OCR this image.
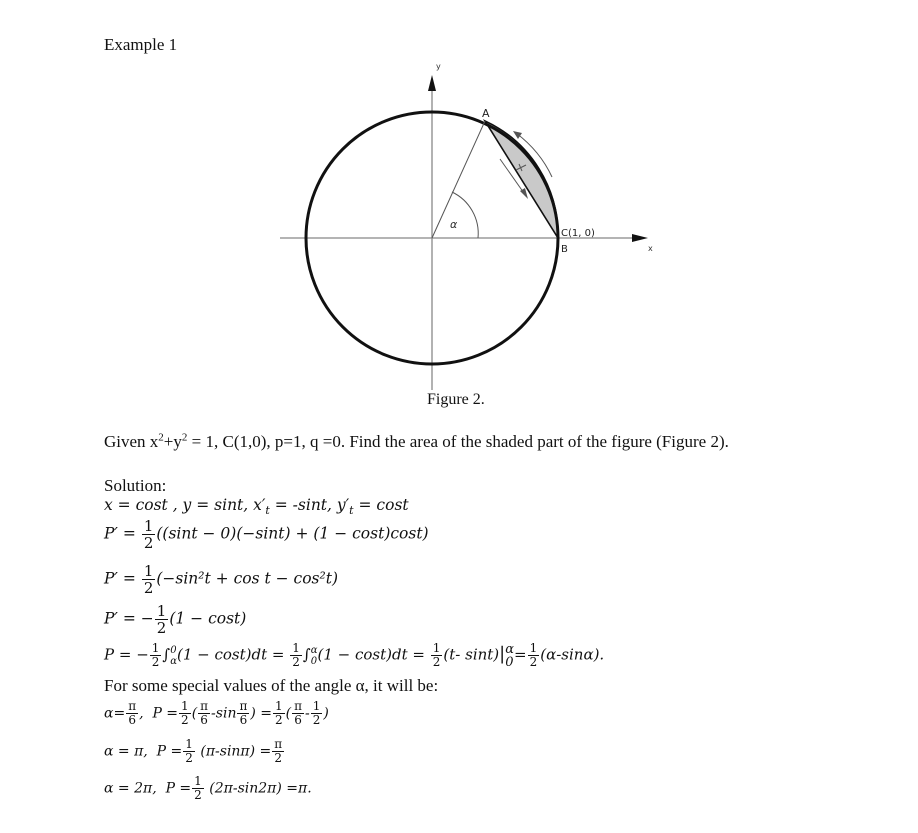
Example 1
y
x
A
C(1, 0)
B
α
Figure 2.
Given $x^2+y^2 = 1$, C(1,0), p=1, q =0. Find the area of the shaded part of the figure (Figure 2).
Solution:
x = cost , y = sint, $x'_t = -\sin t$, $y'_t = \cos t$
$P' = \frac{1}{2} ((\sin t - 0)(-\sin t) + (1 - \cos t)\cos t)$
$P' = \frac{1}{2} (-\sin^2t + \cos t - \cos^2t)$
P′ = − $\frac{1}{2} (1 - \cos t)$
P = − $\frac{1}{2}$ ∫ 0
α $(1 - \cos t)dt = \frac{1}{2}$ ∫ α
0 $(1 - \cos t)dt = \frac{1}{2} (t-$ sint)| α
$0 = \frac{1}{2} (\alpha-\sin\alpha)$.
For some special values of the angle α, it will be:
$\alpha= \frac{\pi}{6}$ ,  $P = \frac{1}{2}$ ( $\frac{\pi}{6} -\sin \frac{\pi}{6}$ ) = $\frac{1}{2}$ ( $\frac{\pi}{6} - \frac{1}{2}$ )
α = π, $P = \frac{1}{2} (\pi-\sin\pi) = \frac{\pi}{2}$
α = 2π, $P = \frac{1}{2} (2\pi-\sin 2\pi) =\pi$.
